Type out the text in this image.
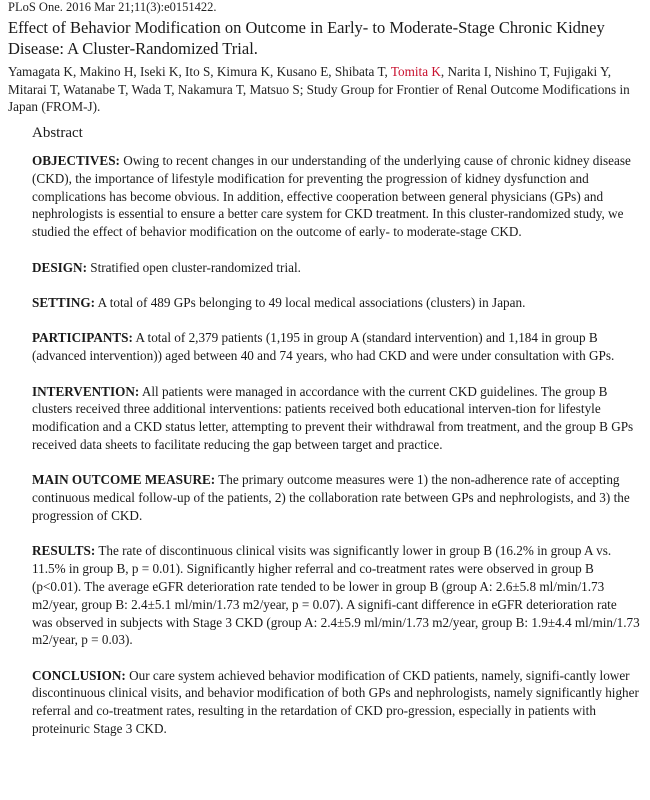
PLoS One. 2016 Mar 21;11(3):e0151422.
Effect of Behavior Modification on Outcome in Early- to Moderate-Stage Chronic Kidney Disease: A Cluster-Randomized Trial.
Yamagata K, Makino H, Iseki K, Ito S, Kimura K, Kusano E, Shibata T, Tomita K, Narita I, Nishino T, Fujigaki Y, Mitarai T, Watanabe T, Wada T, Nakamura T, Matsuo S; Study Group for Frontier of Renal Outcome Modifications in Japan (FROM-J).
Abstract

OBJECTIVES: Owing to recent changes in our understanding of the underlying cause of chronic kidney disease (CKD), the importance of lifestyle modification for preventing the progression of kidney dysfunction and complications has become obvious. In addition, effective cooperation between general physicians (GPs) and nephrologists is essential to ensure a better care system for CKD treatment. In this cluster-randomized study, we studied the effect of behavior modification on the outcome of early- to moderate-stage CKD.

DESIGN: Stratified open cluster-randomized trial.

SETTING: A total of 489 GPs belonging to 49 local medical associations (clusters) in Japan.

PARTICIPANTS: A total of 2,379 patients (1,195 in group A (standard intervention) and 1,184 in group B (advanced intervention)) aged between 40 and 74 years, who had CKD and were under consultation with GPs.

INTERVENTION: All patients were managed in accordance with the current CKD guidelines. The group B clusters received three additional interventions: patients received both educational interven-tion for lifestyle modification and a CKD status letter, attempting to prevent their withdrawal from treatment, and the group B GPs received data sheets to facilitate reducing the gap between target and practice.

MAIN OUTCOME MEASURE: The primary outcome measures were 1) the non-adherence rate of accepting continuous medical follow-up of the patients, 2) the collaboration rate between GPs and nephrologists, and 3) the progression of CKD.

RESULTS: The rate of discontinuous clinical visits was significantly lower in group B (16.2% in group A vs. 11.5% in group B, p = 0.01). Significantly higher referral and co-treatment rates were observed in group B (p<0.01). The average eGFR deterioration rate tended to be lower in group B (group A: 2.6±5.8 ml/min/1.73 m2/year, group B: 2.4±5.1 ml/min/1.73 m2/year, p = 0.07). A signifi-cant difference in eGFR deterioration rate was observed in subjects with Stage 3 CKD (group A: 2.4±5.9 ml/min/1.73 m2/year, group B: 1.9±4.4 ml/min/1.73 m2/year, p = 0.03).

CONCLUSION: Our care system achieved behavior modification of CKD patients, namely, signifi-cantly lower discontinuous clinical visits, and behavior modification of both GPs and nephrologists, namely significantly higher referral and co-treatment rates, resulting in the retardation of CKD pro-gression, especially in patients with proteinuric Stage 3 CKD.
